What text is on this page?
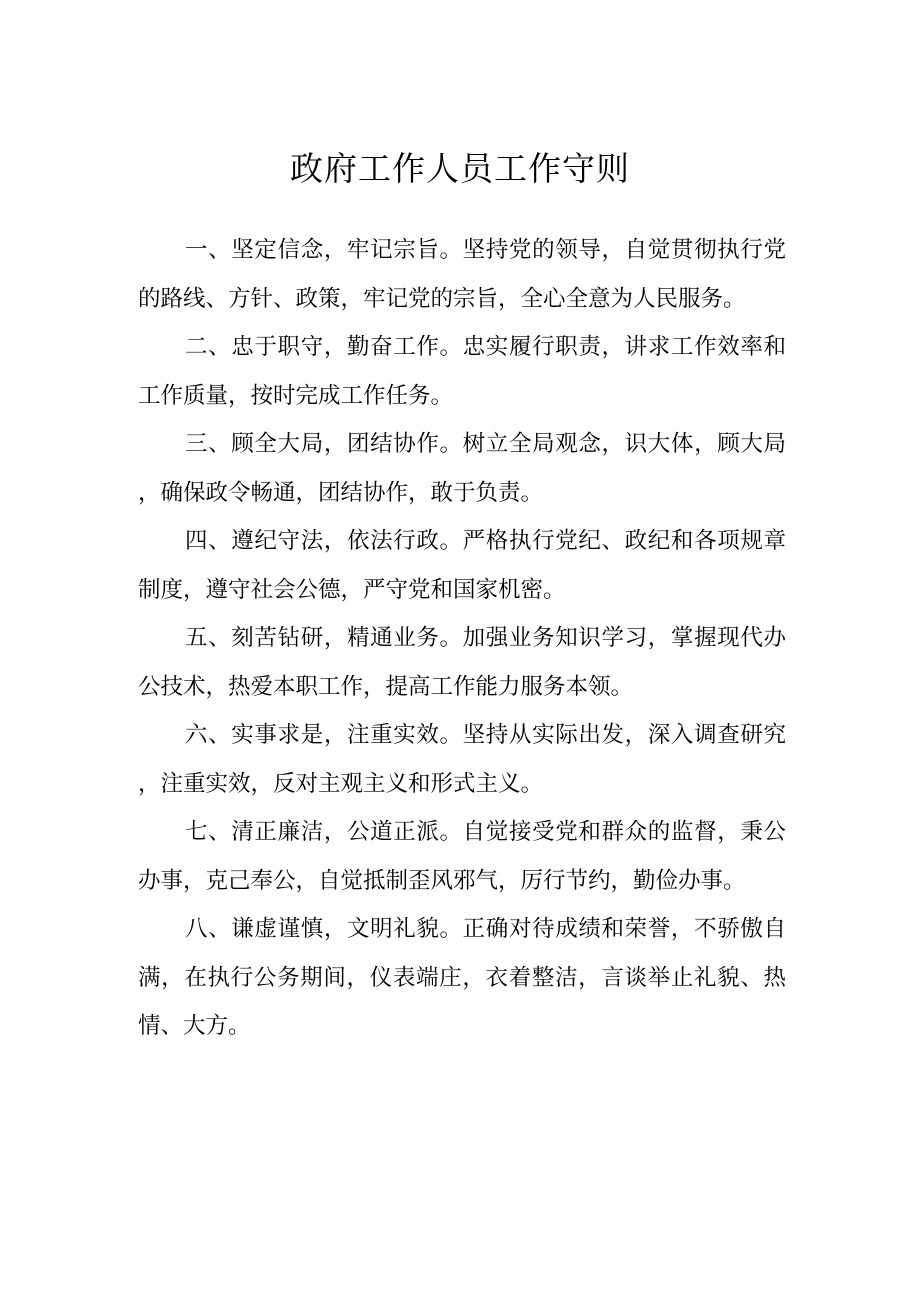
政府工作人员工作守则

一、坚定信念，牢记宗旨。坚持党的领导，自觉贯彻执行党的路线、方针、政策，牢记党的宗旨，全心全意为人民服务。

二、忠于职守，勤奋工作。忠实履行职责，讲求工作效率和工作质量，按时完成工作任务。

三、顾全大局，团结协作。树立全局观念，识大体，顾大局，确保政令畅通，团结协作，敢于负责。

四、遵纪守法，依法行政。严格执行党纪、政纪和各项规章制度，遵守社会公德，严守党和国家机密。

五、刻苦钻研，精通业务。加强业务知识学习，掌握现代办公技术，热爱本职工作，提高工作能力服务本领。

六、实事求是，注重实效。坚持从实际出发，深入调查研究，注重实效，反对主观主义和形式主义。

七、清正廉洁，公道正派。自觉接受党和群众的监督，秉公办事，克己奉公，自觉抵制歪风邪气，厉行节约，勤俭办事。

八、谦虚谨慎，文明礼貌。正确对待成绩和荣誉，不骄傲自满，在执行公务期间，仪表端庄，衣着整洁，言谈举止礼貌、热情、大方。
